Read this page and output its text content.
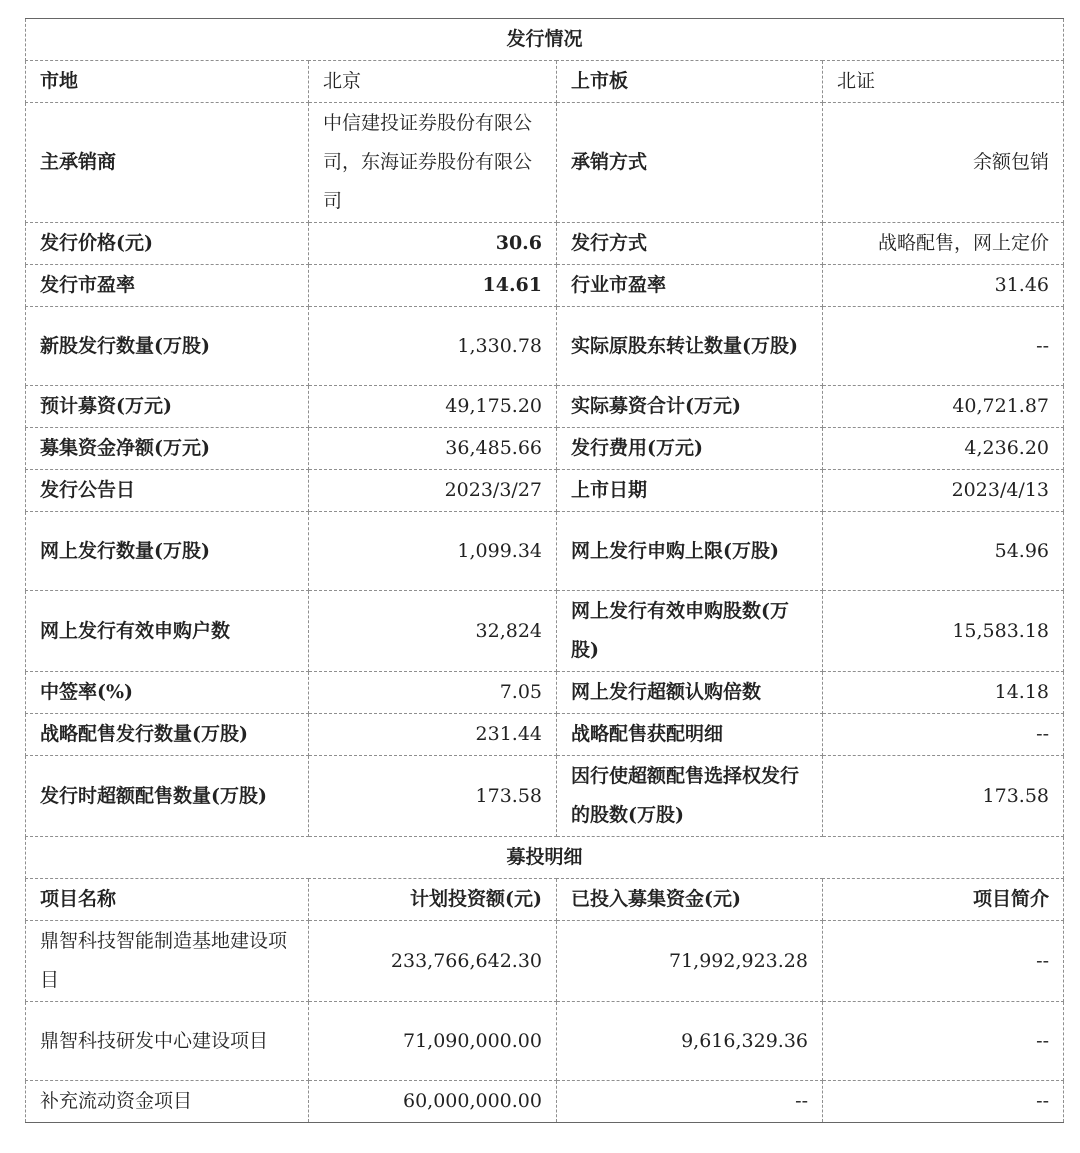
发行情况			
市地	北京	上市板	北证
主承销商	中信建投证券股份有限公司，东海证券股份有限公司	承销方式	余额包销
发行价格(元)	30.6	发行方式	战略配售，网上定价
发行市盈率	14.61	行业市盈率	31.46
新股发行数量(万股)	1,330.78	实际原股东转让数量(万股)	--
预计募资(万元)	49,175.20	实际募资合计(万元)	40,721.87
募集资金净额(万元)	36,485.66	发行费用(万元)	4,236.20
发行公告日	2023/3/27	上市日期	2023/4/13
网上发行数量(万股)	1,099.34	网上发行申购上限(万股)	54.96
网上发行有效申购户数	32,824	网上发行有效申购股数(万股)	15,583.18
中签率(%)	7.05	网上发行超额认购倍数	14.18
战略配售发行数量(万股)	231.44	战略配售获配明细	--
发行时超额配售数量(万股)	173.58	因行使超额配售选择权发行的股数(万股)	173.58
募投明细			
项目名称	计划投资额(元)	已投入募集资金(元)	项目简介
鼎智科技智能制造基地建设项目	233,766,642.30	71,992,923.28	--
鼎智科技研发中心建设项目	71,090,000.00	9,616,329.36	--
补充流动资金项目	60,000,000.00	--	--
